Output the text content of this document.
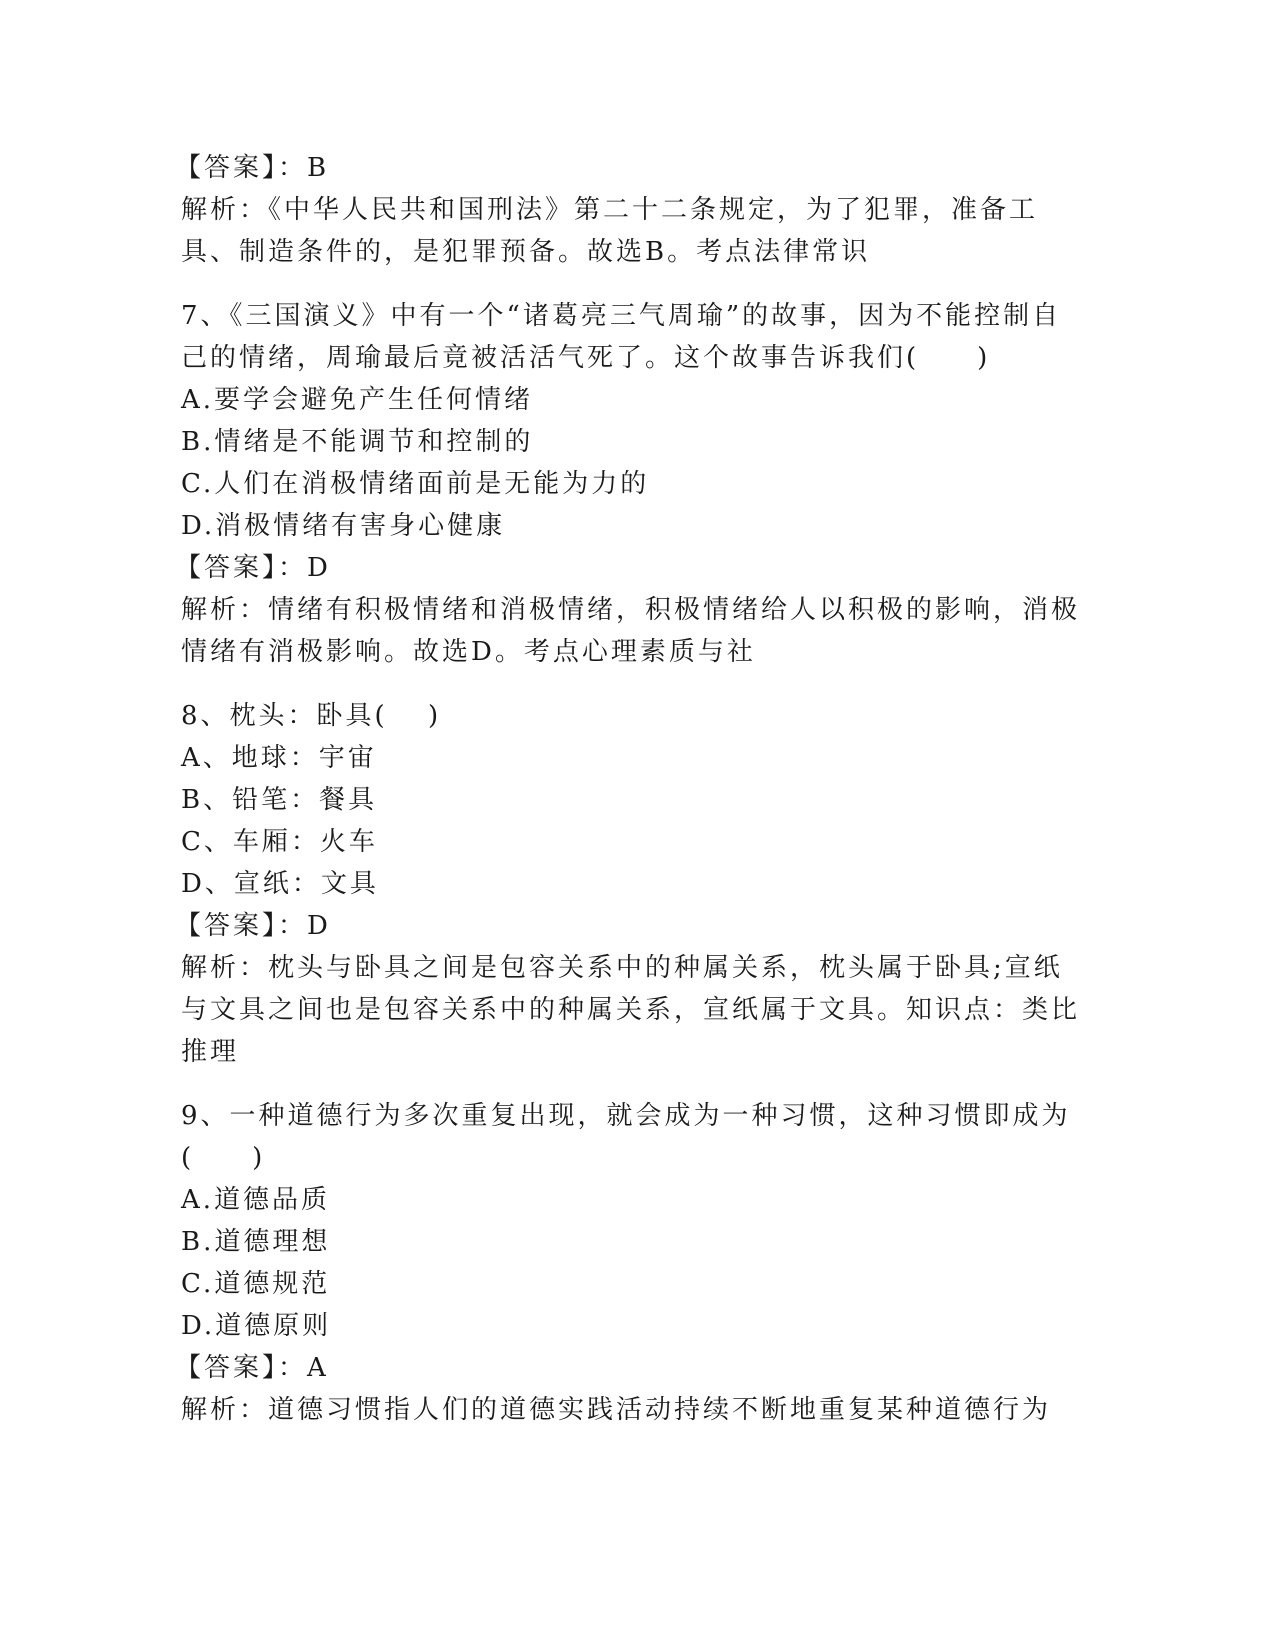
【答案】：B
解析：《中华人民共和国刑法》第二十二条规定，为了犯罪，准备工具、制造条件的，是犯罪预备。故选B。考点法律常识
7、《三国演义》中有一个“诸葛亮三气周瑜”的故事，因为不能控制自己的情绪，周瑜最后竟被活活气死了。这个故事告诉我们(　　)
A.要学会避免产生任何情绪
B.情绪是不能调节和控制的
C.人们在消极情绪面前是无能为力的
D.消极情绪有害身心健康
【答案】：D
解析：情绪有积极情绪和消极情绪，积极情绪给人以积极的影响，消极情绪有消极影响。故选D。考点心理素质与社
8、枕头：卧具(　 )
A、地球：宇宙
B、铅笔：餐具
C、车厢：火车
D、宣纸：文具
【答案】：D
解析：枕头与卧具之间是包容关系中的种属关系，枕头属于卧具;宣纸与文具之间也是包容关系中的种属关系，宣纸属于文具。知识点：类比推理
9、一种道德行为多次重复出现，就会成为一种习惯，这种习惯即成为(　　)
A.道德品质
B.道德理想
C.道德规范
D.道德原则
【答案】：A
解析：道德习惯指人们的道德实践活动持续不断地重复某种道德行为
